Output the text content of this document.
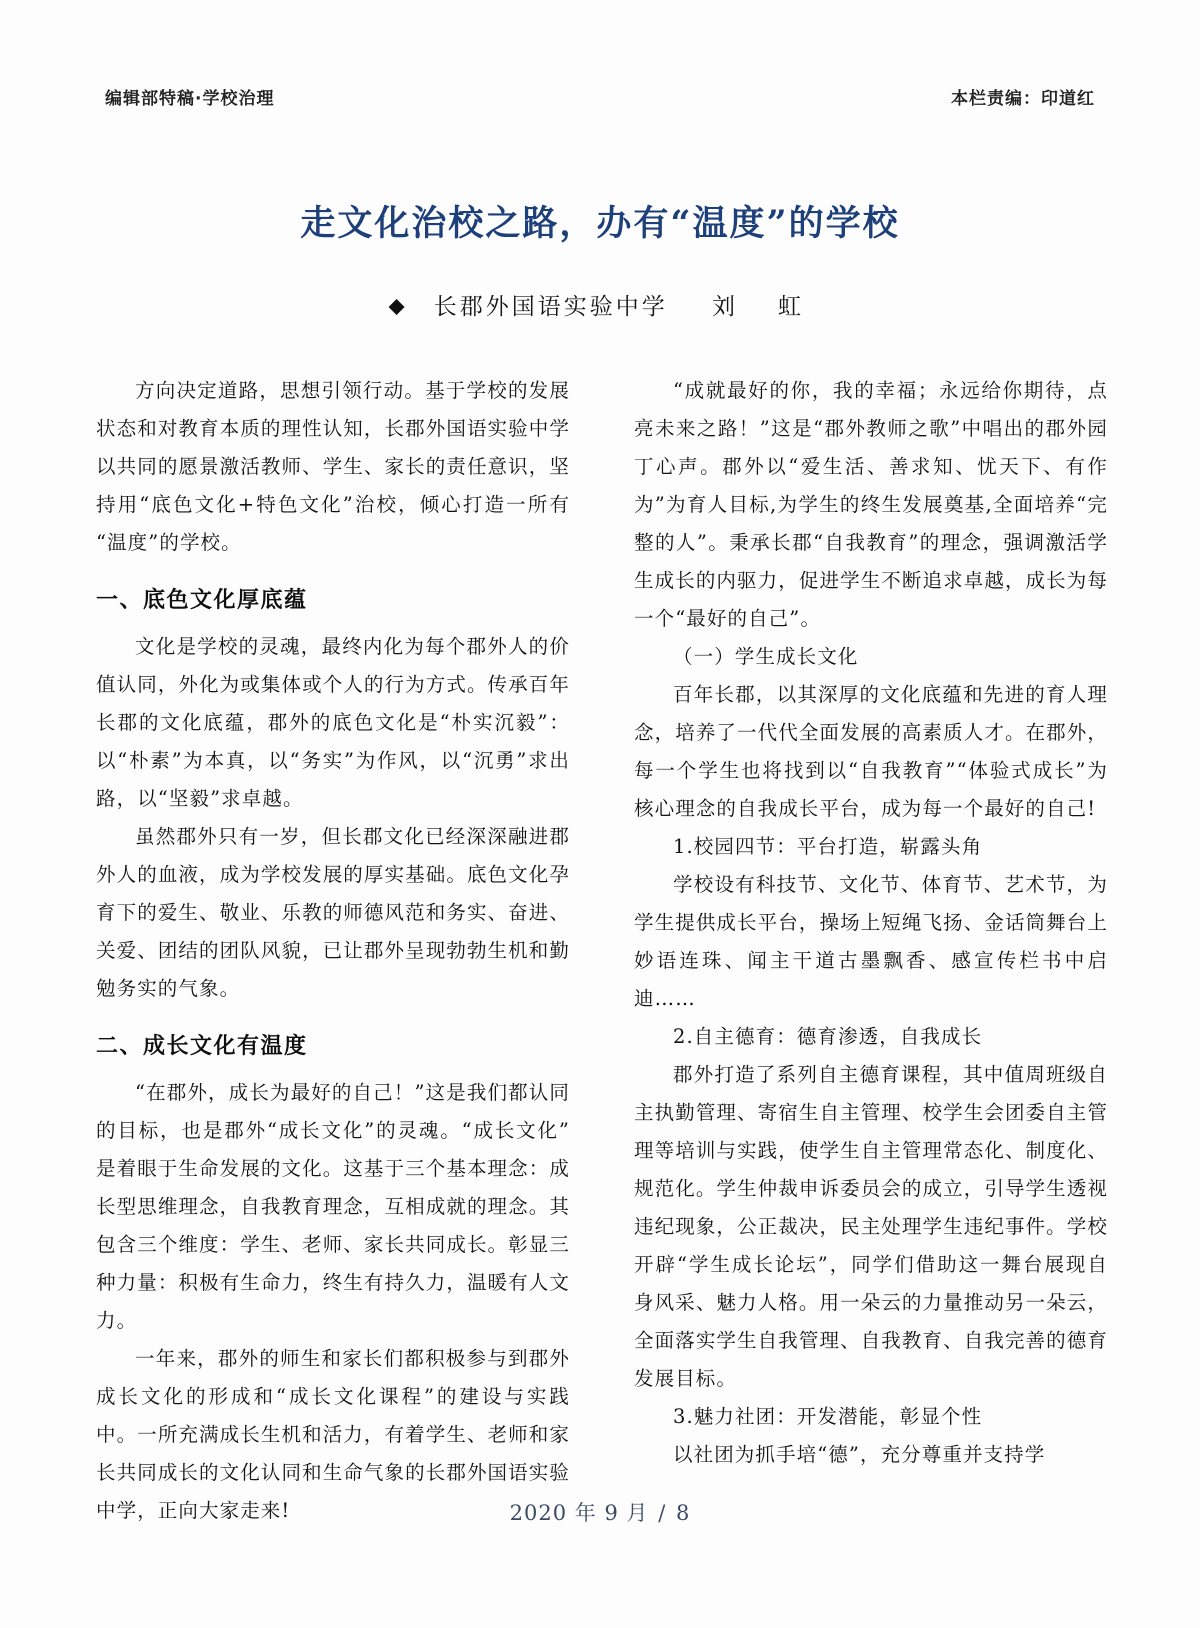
编辑部特稿·学校治理	本栏责编：印道红
走文化治校之路，办有“温度”的学校
◆ 长郡外国语实验中学 刘　虹

方向决定道路，思想引领行动。基于学校的发展状态和对教育本质的理性认知，长郡外国语实验中学以共同的愿景激活教师、学生、家长的责任意识，坚持用“底色文化+特色文化”治校，倾心打造一所有“温度”的学校。

一、底色文化厚底蕴

文化是学校的灵魂，最终内化为每个郡外人的价值认同，外化为或集体或个人的行为方式。传承百年长郡的文化底蕴，郡外的底色文化是“朴实沉毅”：以“朴素”为本真，以“务实”为作风，以“沉勇”求出路，以“坚毅”求卓越。

虽然郡外只有一岁，但长郡文化已经深深融进郡外人的血液，成为学校发展的厚实基础。底色文化孕育下的爱生、敬业、乐教的师德风范和务实、奋进、关爱、团结的团队风貌，已让郡外呈现勃勃生机和勤勉务实的气象。

二、成长文化有温度

“在郡外，成长为最好的自己！”这是我们都认同的目标，也是郡外“成长文化”的灵魂。“成长文化”是着眼于生命发展的文化。这基于三个基本理念：成长型思维理念，自我教育理念，互相成就的理念。其包含三个维度：学生、老师、家长共同成长。彰显三种力量：积极有生命力，终生有持久力，温暖有人文力。

一年来，郡外的师生和家长们都积极参与到郡外成长文化的形成和“成长文化课程”的建设与实践中。一所充满成长生机和活力，有着学生、老师和家长共同成长的文化认同和生命气象的长郡外国语实验中学，正向大家走来!

“成就最好的你，我的幸福；永远给你期待，点亮未来之路！”这是“郡外教师之歌”中唱出的郡外园丁心声。郡外以“爱生活、善求知、忧天下、有作为”为育人目标,为学生的终生发展奠基,全面培养“完整的人”。秉承长郡“自我教育”的理念，强调激活学生成长的内驱力，促进学生不断追求卓越，成长为每一个“最好的自己”。

（一）学生成长文化

百年长郡，以其深厚的文化底蕴和先进的育人理念，培养了一代代全面发展的高素质人才。在郡外，每一个学生也将找到以“自我教育”“体验式成长”为核心理念的自我成长平台，成为每一个最好的自己!

1.校园四节：平台打造，崭露头角

学校设有科技节、文化节、体育节、艺术节，为学生提供成长平台，操场上短绳飞扬、金话筒舞台上妙语连珠、闻主干道古墨飘香、感宣传栏书中启迪……

2.自主德育：德育渗透，自我成长

郡外打造了系列自主德育课程，其中值周班级自主执勤管理、寄宿生自主管理、校学生会团委自主管理等培训与实践，使学生自主管理常态化、制度化、规范化。学生仲裁申诉委员会的成立，引导学生透视违纪现象，公正裁决，民主处理学生违纪事件。学校开辟“学生成长论坛”，同学们借助这一舞台展现自身风采、魅力人格。用一朵云的力量推动另一朵云，全面落实学生自我管理、自我教育、自我完善的德育发展目标。

3.魅力社团：开发潜能，彰显个性

以社团为抓手培“德”，充分尊重并支持学

2020 年 9 月 / 8
